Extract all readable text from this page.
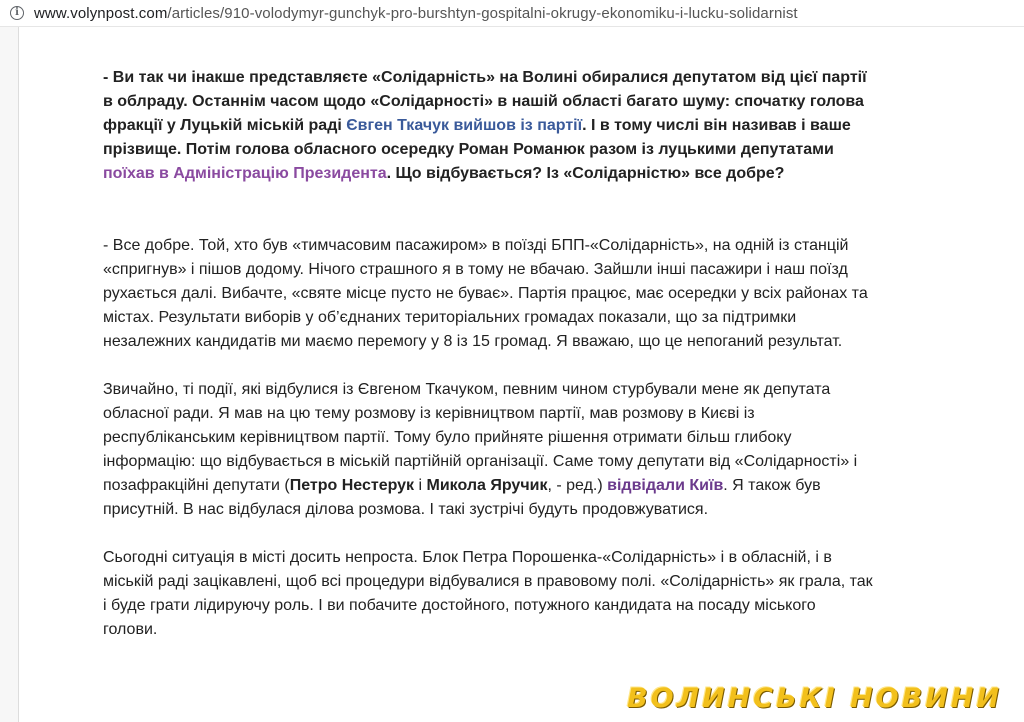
i	www.volynpost.com/articles/910-volodymyr-gunchyk-pro-burshtyn-gospitalni-okrugy-ekonomiku-i-lucku-solidarnist

- Ви так чи інакше представляєте «Солідарність» на Волині обиралися депутатом від цієї партії в облраду. Останнім часом щодо «Солідарності» в нашій області багато шуму: спочатку голова фракції у Луцькій міській раді Євген Ткачук вийшов із партії. І в тому числі він називав і ваше прізвище. Потім голова обласного осередку Роман Романюк разом із луцькими депутатами поїхав в Адміністрацію Президента. Що відбувається? Із «Солідарністю» все добре?

- Все добре. Той, хто був «тимчасовим пасажиром» в поїзді БПП-«Солідарність», на одній із станцій «спригнув» і пішов додому. Нічого страшного я в тому не вбачаю. Зайшли інші пасажири і наш поїзд рухається далі. Вибачте, «святе місце пусто не буває». Партія працює, має осередки у всіх районах та містах. Результати виборів у об’єднаних територіальних громадах показали, що за підтримки незалежних кандидатів ми маємо перемогу у 8 із 15 громад. Я вважаю, що це непоганий результат.

Звичайно, ті події, які відбулися із Євгеном Ткачуком, певним чином стурбували мене як депутата обласної ради. Я мав на цю тему розмову із керівництвом партії, мав розмову в Києві із республіканським керівництвом партії. Тому було прийняте рішення отримати більш глибоку інформацію: що відбувається в міській партійній організації. Саме тому депутати від «Солідарності» і позафракційні депутати (Петро Нестерук і Микола Яручик, - ред.) відвідали Київ. Я також був присутній. В нас відбулася ділова розмова. І такі зустрічі будуть продовжуватися.

Сьогодні ситуація в місті досить непроста. Блок Петра Порошенка-«Солідарність» і в обласній, і в міській раді зацікавлені, щоб всі процедури відбувалися в правовому полі. «Солідарність» як грала, так і буде грати лідируючу роль. І ви побачите достойного, потужного кандидата на посаду міського голови.

ВОЛИНСЬКІ НОВИНИ
